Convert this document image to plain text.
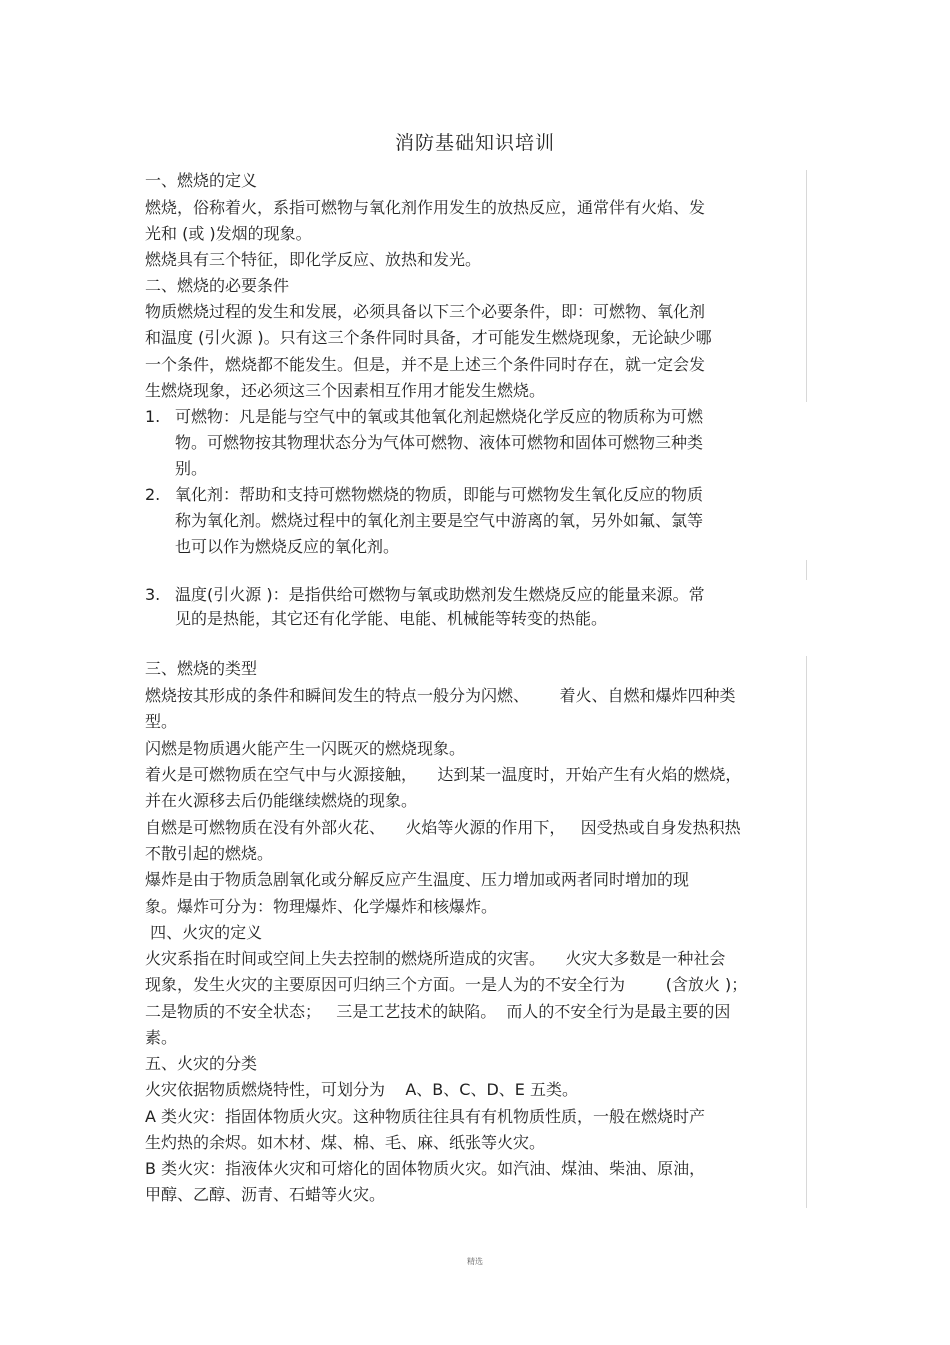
消防基础知识培训
一、燃烧的定义
燃烧，俗称着火，系指可燃物与氧化剂作用发生的放热反应，通常伴有火焰、发
光和 (或 )发烟的现象。
燃烧具有三个特征，即化学反应、放热和发光。
二、燃烧的必要条件
物质燃烧过程的发生和发展，必须具备以下三个必要条件，即：可燃物、氧化剂
和温度 (引火源 )。只有这三个条件同时具备，才可能发生燃烧现象，无论缺少哪
一个条件，燃烧都不能发生。但是，并不是上述三个条件同时存在，就一定会发
生燃烧现象，还必须这三个因素相互作用才能发生燃烧。
1. 可燃物：凡是能与空气中的氧或其他氧化剂起燃烧化学反应的物质称为可燃
物。可燃物按其物理状态分为气体可燃物、液体可燃物和固体可燃物三种类
别。
2. 氧化剂：帮助和支持可燃物燃烧的物质，即能与可燃物发生氧化反应的物质
称为氧化剂。燃烧过程中的氧化剂主要是空气中游离的氧，另外如氟、氯等
也可以作为燃烧反应的氧化剂。
3. 温度(引火源 )：是指供给可燃物与氧或助燃剂发生燃烧反应的能量来源。常
见的是热能，其它还有化学能、电能、机械能等转变的热能。
三、燃烧的类型
燃烧按其形成的条件和瞬间发生的特点一般分为闪燃、      着火、自燃和爆炸四种类
型。
闪燃是物质遇火能产生一闪既灭的燃烧现象。
着火是可燃物质在空气中与火源接触，    达到某一温度时，开始产生有火焰的燃烧，
并在火源移去后仍能继续燃烧的现象。
自燃是可燃物质在没有外部火花、    火焰等火源的作用下，   因受热或自身发热积热
不散引起的燃烧。
爆炸是由于物质急剧氧化或分解反应产生温度、压力增加或两者同时增加的现
象。爆炸可分为：物理爆炸、化学爆炸和核爆炸。
四、火灾的定义
火灾系指在时间或空间上失去控制的燃烧所造成的灾害。    火灾大多数是一种社会
现象，发生火灾的主要原因可归纳三个方面。一是人为的不安全行为        (含放火 )；
二是物质的不安全状态；   三是工艺技术的缺陷。  而人的不安全行为是最主要的因
素。
五、火灾的分类
火灾依据物质燃烧特性，可划分为    A、B、C、D、E 五类。
A 类火灾：指固体物质火灾。这种物质往往具有有机物质性质，一般在燃烧时产
生灼热的余烬。如木材、煤、棉、毛、麻、纸张等火灾。
B 类火灾：指液体火灾和可熔化的固体物质火灾。如汽油、煤油、柴油、原油，
甲醇、乙醇、沥青、石蜡等火灾。
精选
